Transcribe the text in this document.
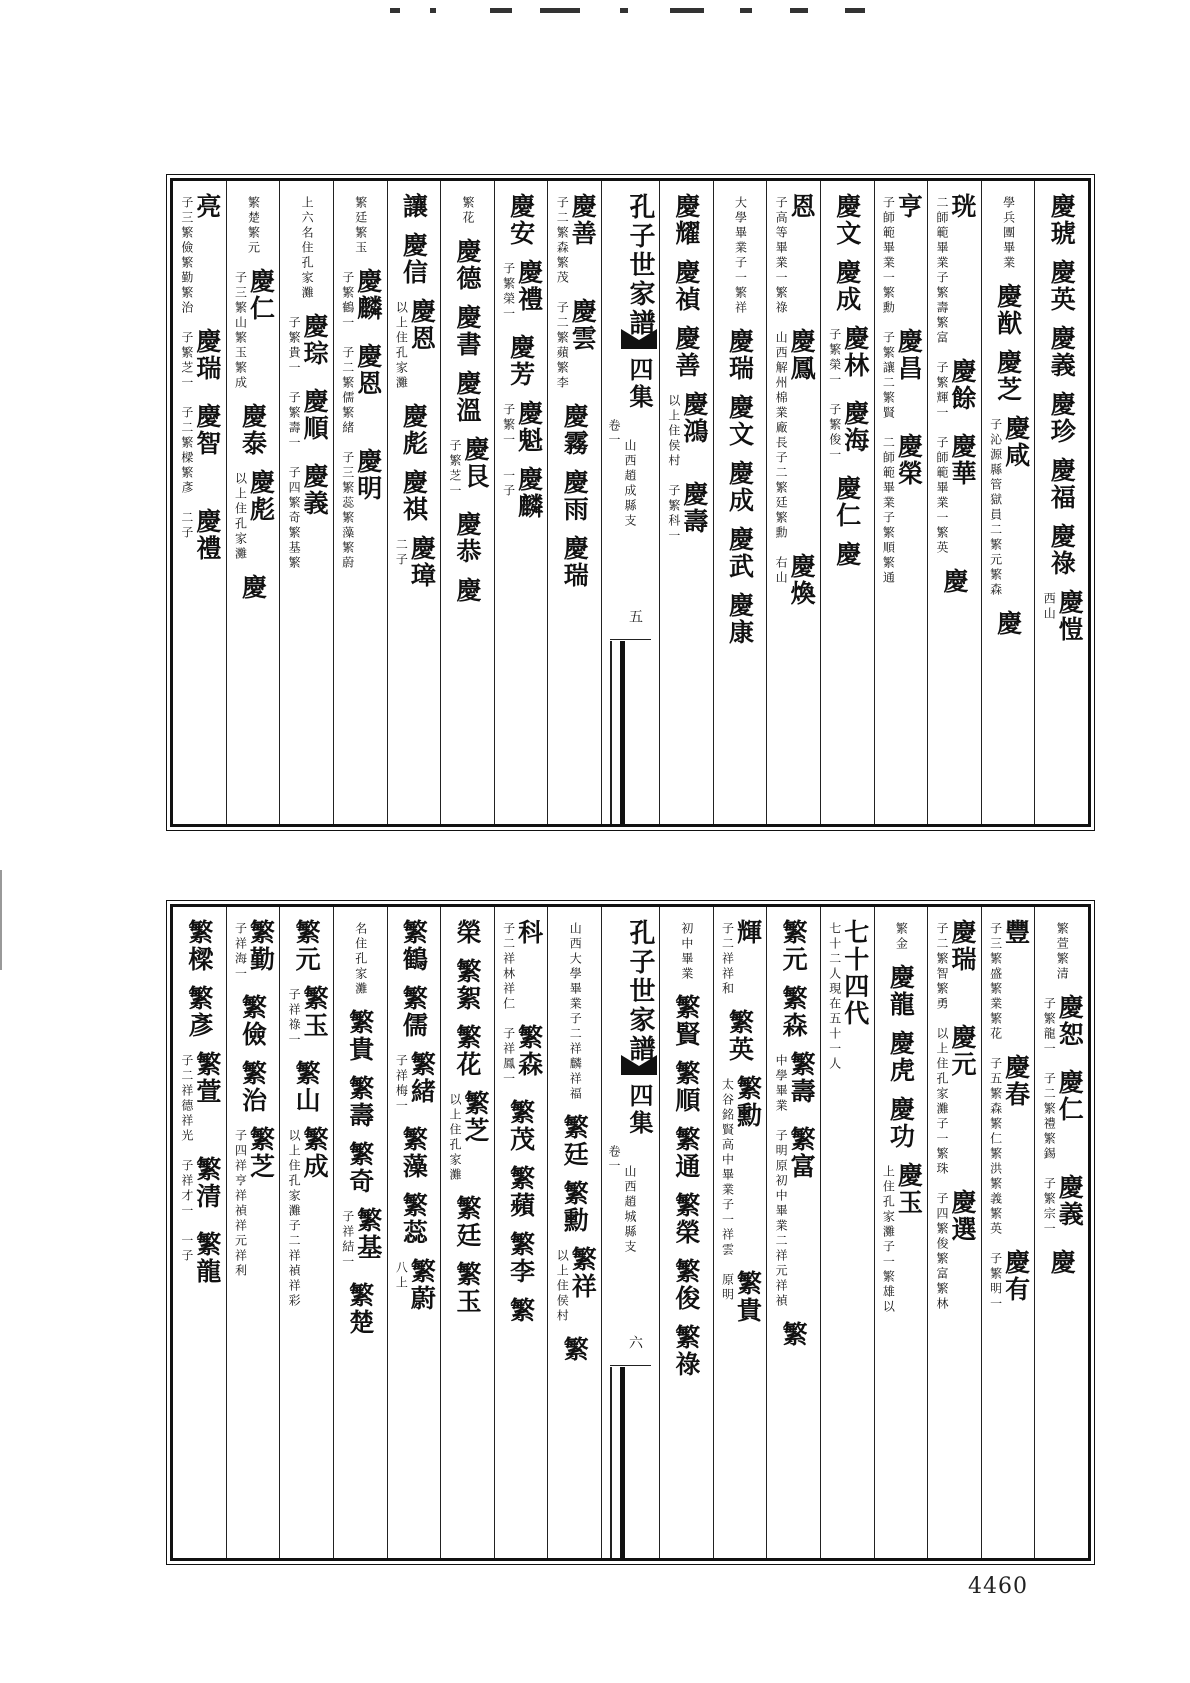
慶琥
慶英
慶義
慶珍
慶福
慶祿
慶愷
西山
學兵團畢業
慶猷
慶芝
慶咸
子沁源縣管獄員二繁元繁森
慶
珖
二師範畢業子繁壽繁富
慶餘
子繁輝一
慶華
子師範畢業一繁英
慶
亨
子師範畢業一繁勳
慶昌
子繁讓二繁賢
慶榮
二師範畢業子繁順繁通
慶文
慶成
慶林
子繁榮一
慶海
子繁俊一
慶仁
慶
恩
子高等畢業一繁祿
慶鳳
山西解州棉業廠長子二繁廷繁勳
慶煥
右山
大學畢業子一繁祥
慶瑞
慶文
慶成
慶武
慶康
慶耀
慶禎
慶善
慶鴻
以上住侯村
慶壽
子繁科一
孔子世家譜
四集
卷一
山西趙成縣支
五
慶善
子二繁森繁茂
慶雲
子二繁蘋繁李
慶霧
慶雨
慶瑞
慶安
慶禮
子繁榮一
慶芳
慶魁
子繁一
慶麟
一子
繁花
慶德
慶書
慶溫
慶艮
子繁芝一
慶恭
慶
讓
慶信
慶恩
以上住孔家灘
慶彪
慶祺
慶璋
二子
繁廷繁玉
慶麟
子繁鶴一
慶恩
子二繁儒繁緒
慶明
子三繁蕊繁藻繁蔚
上六名住孔家灘
慶琮
子繁貴一
慶順
子繁壽一
慶義
子四繁奇繁基繁
繁楚繁元
慶仁
子三繁山繁玉繁成
慶泰
慶彪
以上住孔家灘
慶
亮
子三繁儉繁勤繁治
慶瑞
子繁芝一
慶智
子二繁樑繁彥
慶禮
二子
繁萱繁清
慶恕
子繁龍一
慶仁
子二繁禮繁錫
慶義
子繁宗一
慶
豐
子三繁盛繁業繁花
慶春
子五繁森繁仁繁洪繁義繁英
慶有
子繁明一
慶瑞
子二繁智繁勇
慶元
以上住孔家灘子一繁珠
慶選
子四繁俊繁富繁林
繁金
慶龍
慶虎
慶功
慶玉
上住孔家灘子一繁雄以
七十四代
七十二人現在五十一人
繁元
繁森
繁壽
中學畢業
繁富
子明原初中畢業二祥元祥禎
繁
輝
子二祥祥和
繁英
繁勳
太谷銘賢高中畢業子一祥雲
繁貴
原明
初中畢業
繁賢
繁順
繁通
繁榮
繁俊
繁祿
孔子世家譜
四集
卷一
山西趙城縣支
六
山西大學畢業子二祥麟祥福
繁廷
繁勳
繁祥
以上住侯村
繁
科
子二祥林祥仁
繁森
子祥鳳一
繁茂
繁蘋
繁李
繁
榮
繁絮
繁花
繁芝
以上住孔家灘
繁廷
繁玉
繁鶴
繁儒
繁緒
子祥梅一
繁藻
繁蕊
繁蔚
八上
名住孔家灘
繁貴
繁壽
繁奇
繁基
子祥結一
繁楚
繁元
繁玉
子祥祿一
繁山
繁成
以上住孔家灘子二祥禎祥彩
繁勤
子祥海一
繁儉
繁治
繁芝
子四祥亨祥禎祥元祥利
繁樑
繁彥
繁萱
子二祥德祥光
繁清
子祥才一
繁龍
一子
4460
